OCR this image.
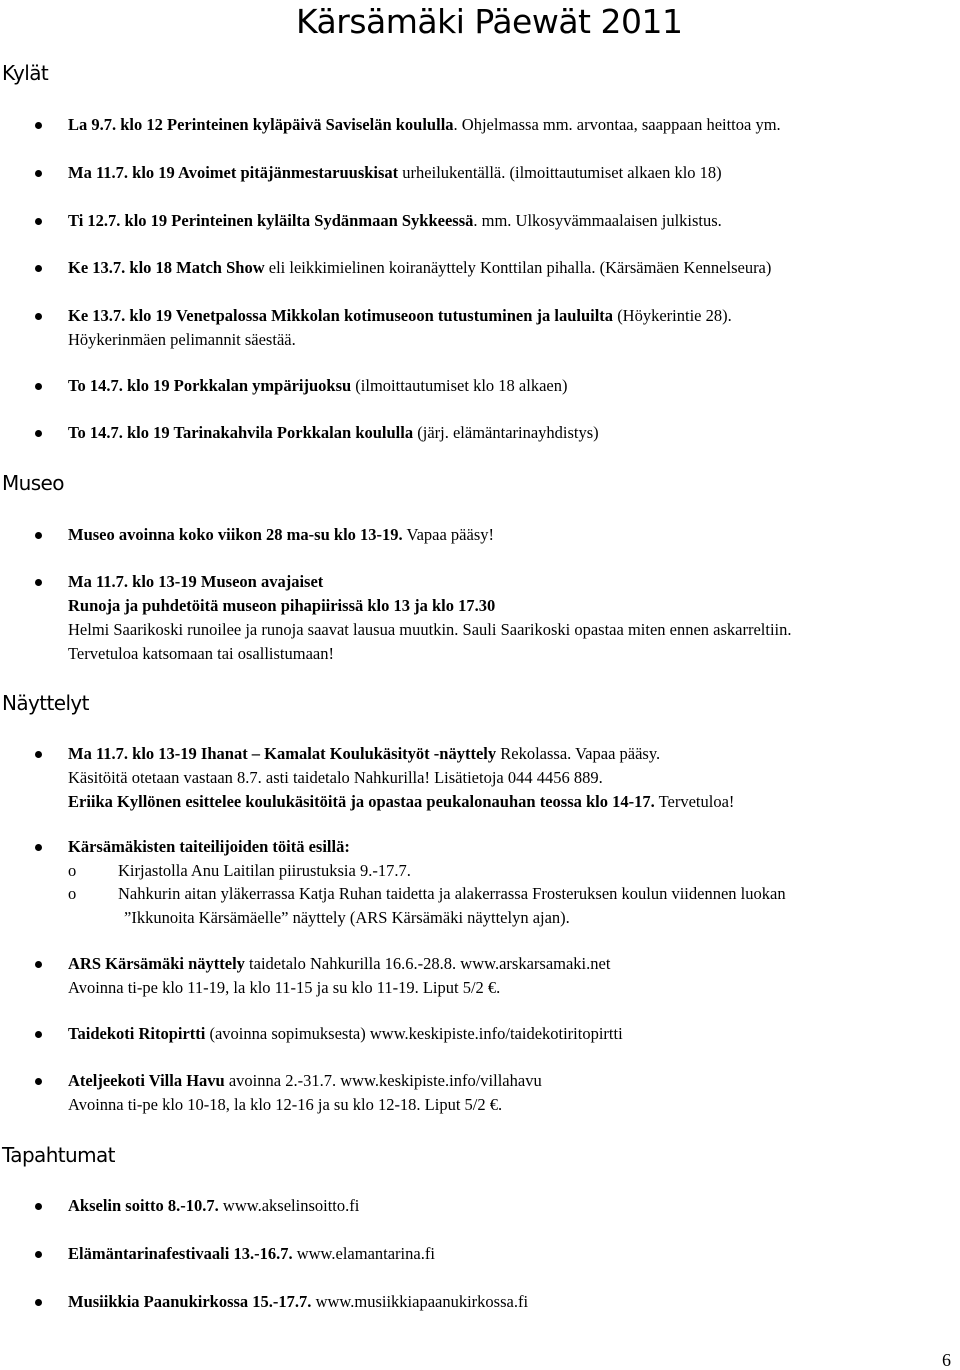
Kärsämäki Päewät 2011
Kylät
La 9.7. klo 12 Perinteinen kyläpäivä Saviselän koululla. Ohjelmassa mm. arvontaa, saappaan heittoa ym.
Ma 11.7. klo 19 Avoimet pitäjänmestaruuskisat urheilukentällä. (ilmoittautumiset alkaen klo 18)
Ti 12.7. klo 19 Perinteinen kyläilta Sydänmaan Sykkeessä. mm. Ulkosyvämmaalaisen julkistus.
Ke 13.7. klo 18 Match Show eli leikkimielinen koiranäyttely Konttilan pihalla. (Kärsämäen Kennelseura)
Ke 13.7. klo 19 Venetpalossa Mikkolan kotimuseoon tutustuminen ja lauluilta (Höykerintie 28).
Höykerinmäen pelimannit säestää.
To 14.7. klo 19 Porkkalan ympärijuoksu (ilmoittautumiset klo 18 alkaen)
To 14.7. klo 19 Tarinakahvila Porkkalan koululla (järj. elämäntarinayhdistys)
Museo
Museo avoinna koko viikon 28 ma-su klo 13-19. Vapaa pääsy!
Ma 11.7. klo 13-19 Museon avajaiset
Runoja ja puhdetöitä museon pihapiirissä klo 13 ja klo 17.30
Helmi Saarikoski runoilee ja runoja saavat lausua muutkin. Sauli Saarikoski opastaa miten ennen askarreltiin.
Tervetuloa katsomaan tai osallistumaan!
Näyttelyt
Ma 11.7. klo 13-19 Ihanat – Kamalat Koulukäsityöt -näyttely Rekolassa. Vapaa pääsy.
Käsitöitä otetaan vastaan 8.7. asti taidetalo Nahkurilla! Lisätietoja 044 4456 889.
Eriika Kyllönen esittelee koulukäsitöitä ja opastaa peukalonauhan teossa klo 14-17. Tervetuloa!
Kärsämäkisten taiteilijoiden töitä esillä:
o	Kirjastolla Anu Laitilan piirustuksia 9.-17.7.
o	Nahkurin aitan yläkerrassa Katja Ruhan taidetta ja alakerrassa Frosteruksen koulun viidennen luokan
”Ikkunoita Kärsämäelle” näyttely (ARS Kärsämäki näyttelyn ajan).
ARS Kärsämäki näyttely taidetalo Nahkurilla 16.6.-28.8. www.arskarsamaki.net
Avoinna ti-pe klo 11-19, la klo 11-15 ja su klo 11-19. Liput 5/2 €.
Taidekoti Ritopirtti (avoinna sopimuksesta) www.keskipiste.info/taidekotiritopirtti
Ateljeekoti Villa Havu avoinna 2.-31.7. www.keskipiste.info/villahavu
Avoinna ti-pe klo 10-18, la klo 12-16 ja su klo 12-18. Liput 5/2 €.
Tapahtumat
Akselin soitto 8.-10.7. www.akselinsoitto.fi
Elämäntarinafestivaali 13.-16.7. www.elamantarina.fi
Musiikkia Paanukirkossa 15.-17.7. www.musiikkiapaanukirkossa.fi
6
